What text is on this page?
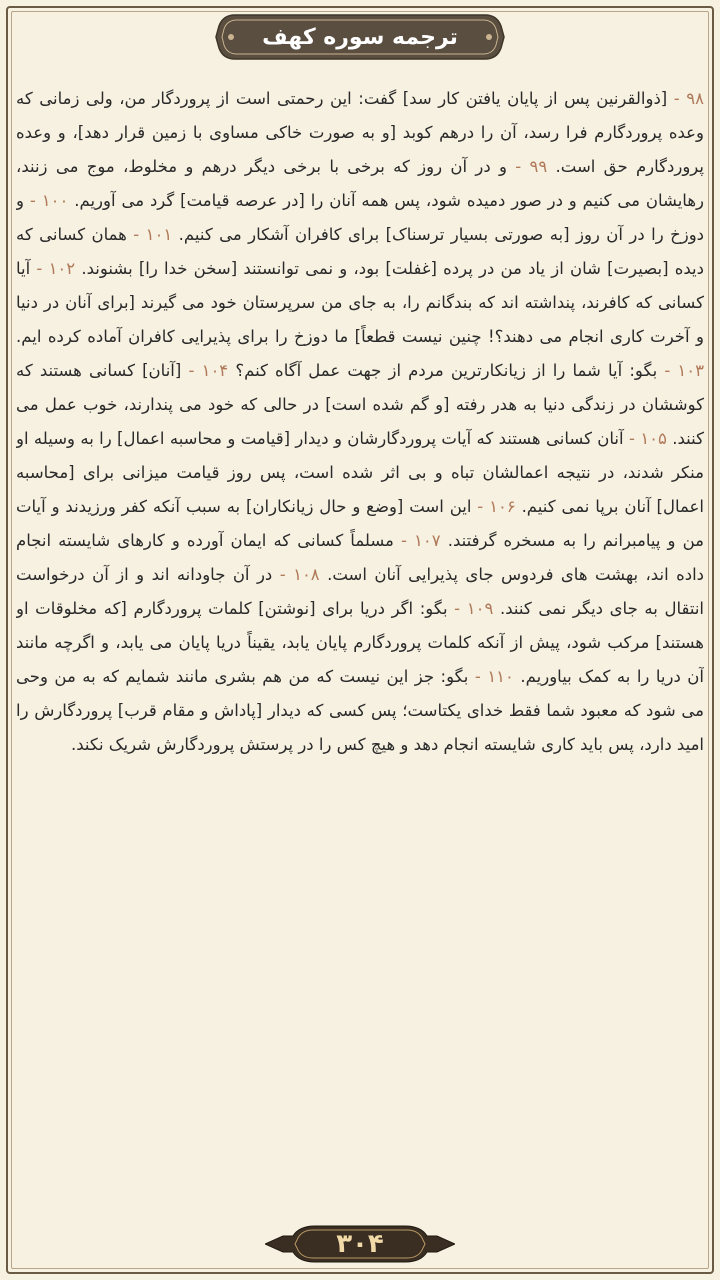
ترجمه سوره کهف
۹۸ - [ذوالقرنین پس از پایان یافتن کار سد] گفت: این رحمتی است از پروردگار من، ولی زمانی که وعده پروردگارم فرا رسد، آن را درهم کوبد [و به صورت خاکی مساوی با زمین قرار دهد]، و وعده پروردگارم حق است. ۹۹ - و در آن روز که برخی با برخی دیگر درهم و مخلوط، موج می زنند، رهایشان می کنیم و در صور دمیده شود، پس همه آنان را [در عرصه قیامت] گرد می آوریم. ۱۰۰ - و دوزخ را در آن روز [به صورتی بسیار ترسناک] برای کافران آشکار می کنیم. ۱۰۱ - همان کسانی که دیده [بصیرت] شان از یاد من در پرده [غفلت] بود، و نمی توانستند [سخن خدا را] بشنوند. ۱۰۲ - آیا کسانی که کافرند، پنداشته اند که بندگانم را، به جای من سرپرستان خود می گیرند [برای آنان در دنیا و آخرت کاری انجام می دهند؟! چنین نیست قطعاً] ما دوزخ را برای پذیرایی کافران آماده کرده ایم. ۱۰۳ - بگو: آیا شما را از زیانکارترین مردم از جهت عمل آگاه کنم؟ ۱۰۴ - [آنان] کسانی هستند که کوششان در زندگی دنیا به هدر رفته [و گم شده است] در حالی که خود می پندارند، خوب عمل می کنند. ۱۰۵ - آنان کسانی هستند که آیات پروردگارشان و دیدار [قیامت و محاسبه اعمال] را به وسیله او منکر شدند، در نتیجه اعمالشان تباه و بی اثر شده است، پس روز قیامت میزانی برای [محاسبه اعمال] آنان برپا نمی کنیم. ۱۰۶ - این است [وضع و حال زیانکاران] به سبب آنکه کفر ورزیدند و آیات من و پیامبرانم را به مسخره گرفتند. ۱۰۷ - مسلماً کسانی که ایمان آورده و کارهای شایسته انجام داده اند، بهشت های فردوس جای پذیرایی آنان است. ۱۰۸ - در آن جاودانه اند و از آن درخواست انتقال به جای دیگر نمی کنند. ۱۰۹ - بگو: اگر دریا برای [نوشتن] کلمات پروردگارم [که مخلوقات او هستند] مرکب شود، پیش از آنکه کلمات پروردگارم پایان یابد، یقیناً دریا پایان می یابد، و اگرچه مانند آن دریا را به کمک بیاوریم. ۱۱۰ - بگو: جز این نیست که من هم بشری مانند شمایم که به من وحی می شود که معبود شما فقط خدای یکتاست؛ پس کسی که دیدار [پاداش و مقام قرب] پروردگارش را امید دارد، پس باید کاری شایسته انجام دهد و هیچ کس را در پرستش پروردگارش شریک نکند.
۳۰۴
